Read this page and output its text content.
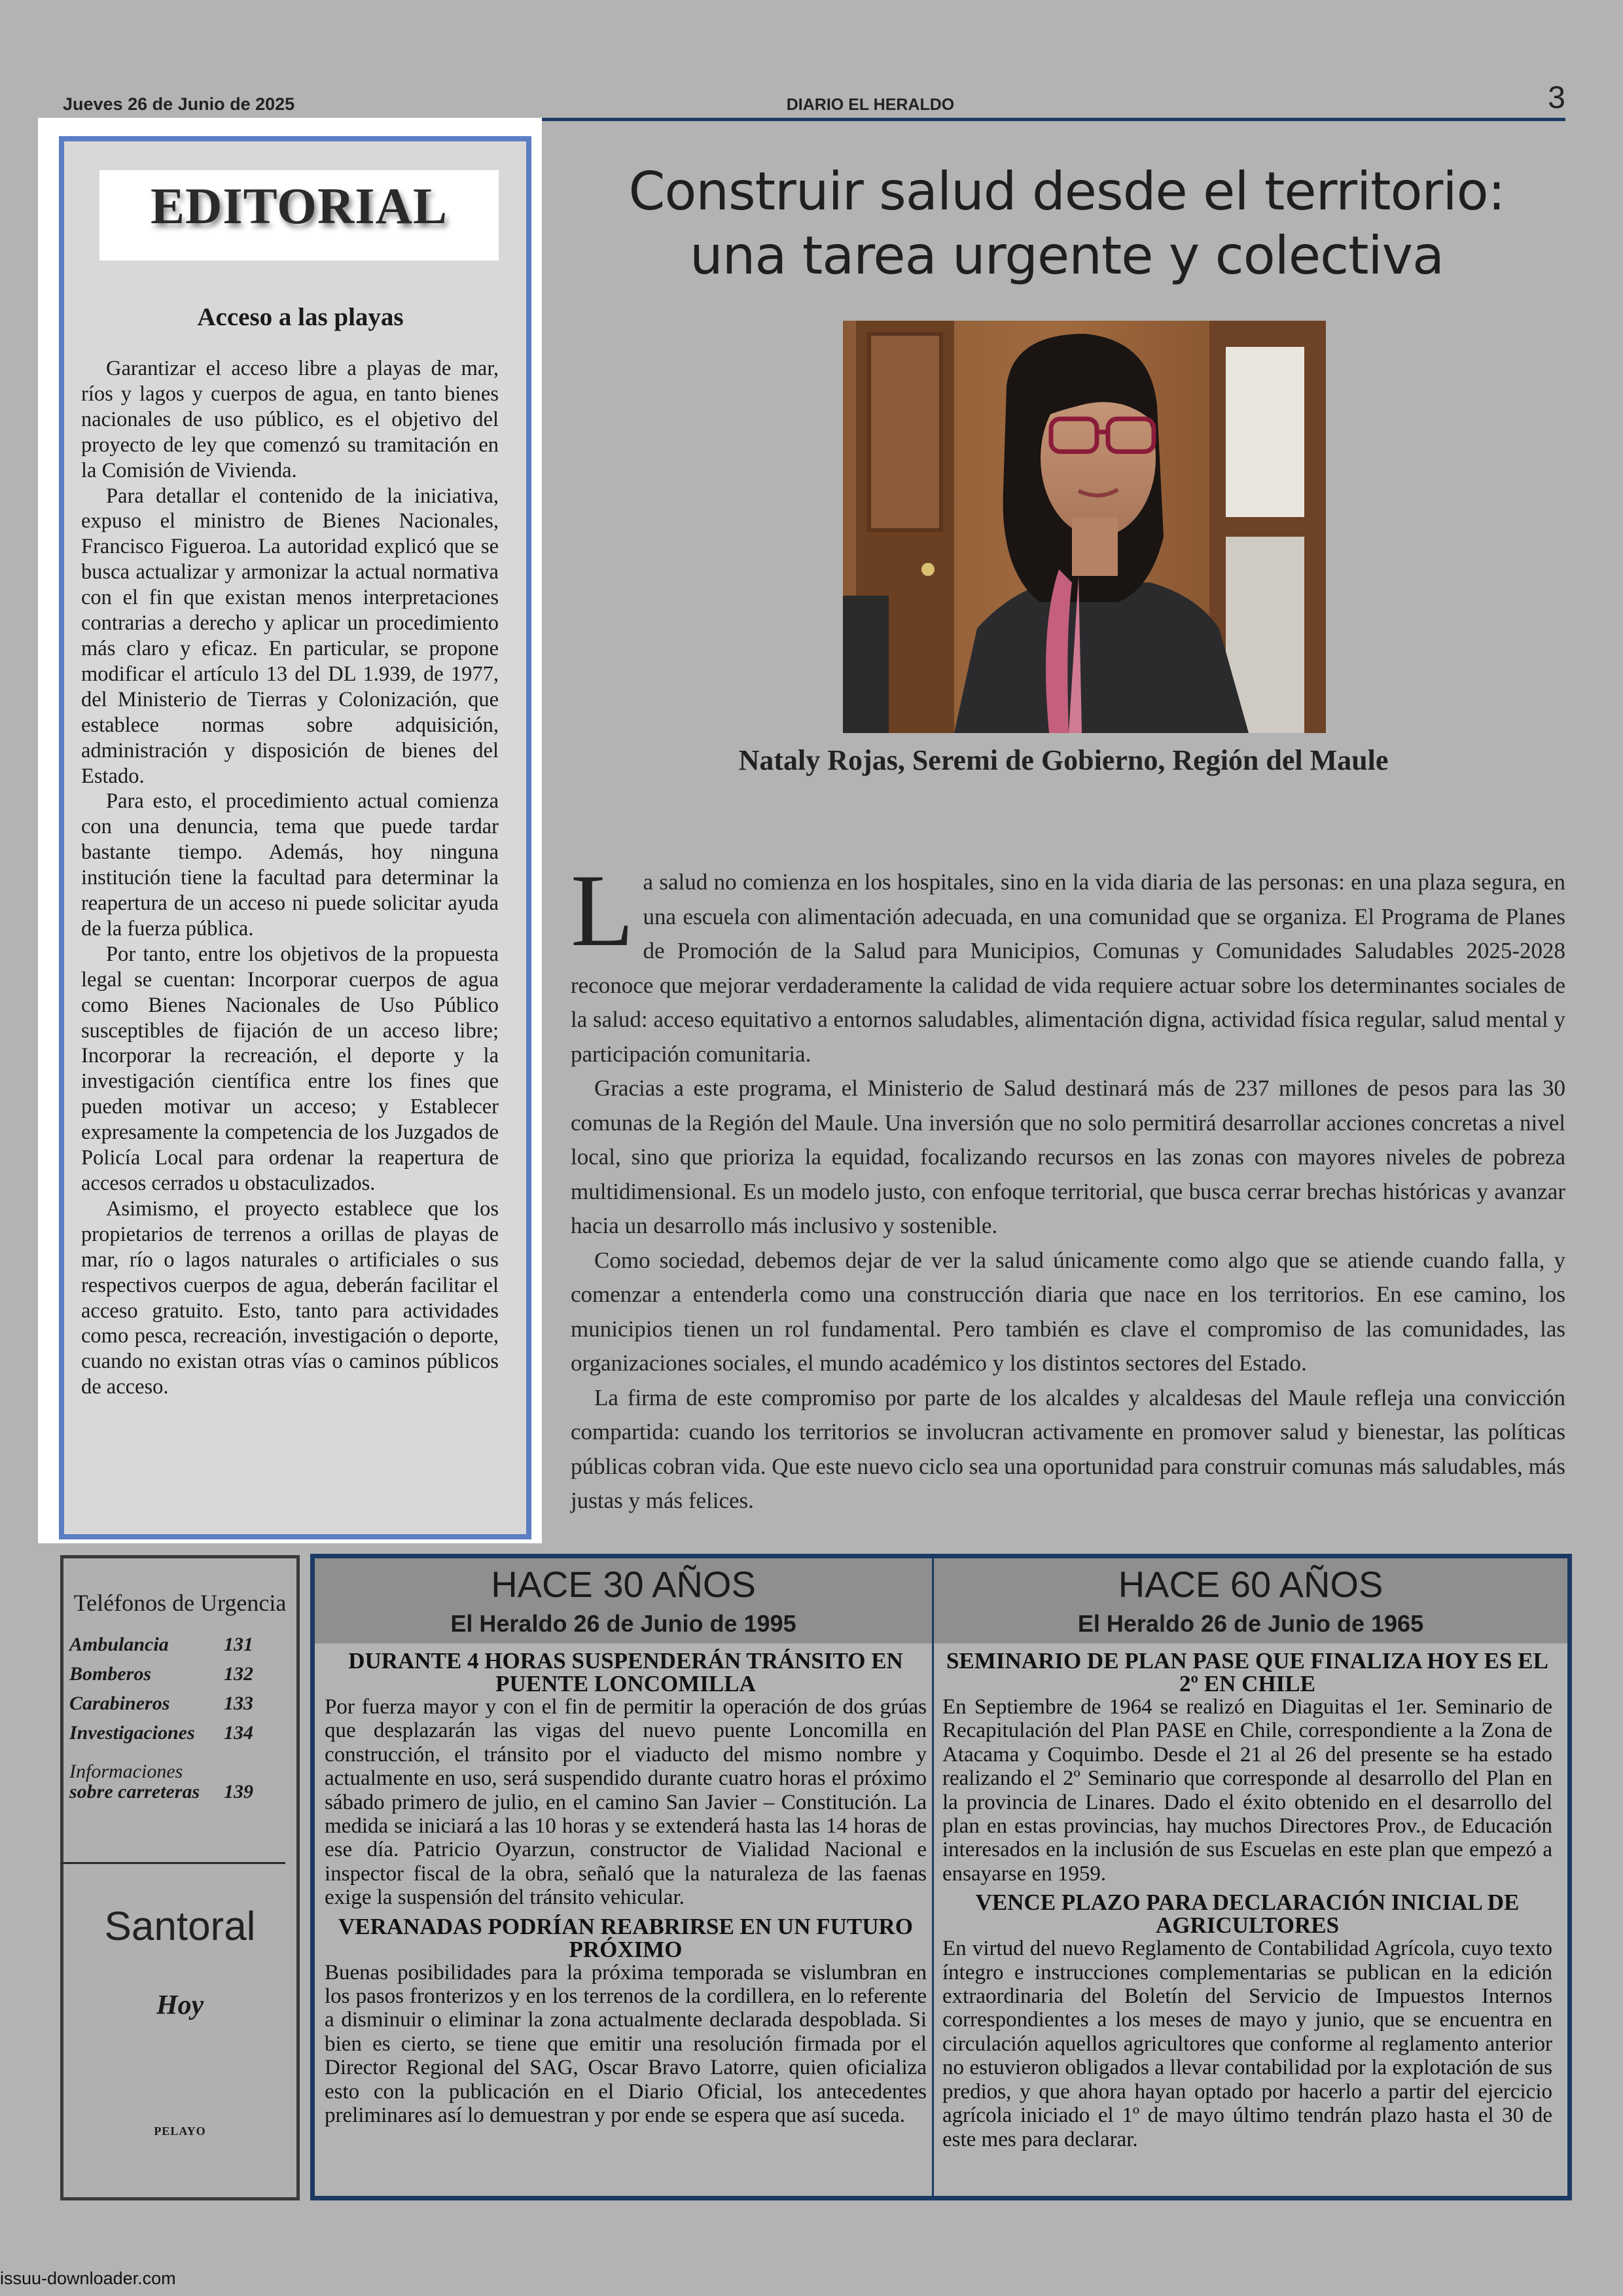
Jueves 26 de Junio de 2025	DIARIO EL HERALDO	3
EDITORIAL
Acceso a las playas

Garantizar el acceso libre a playas de mar, ríos y lagos y cuerpos de agua, en tanto bienes nacionales de uso público, es el objetivo del proyecto de ley que comenzó su tramitación en la Comisión de Vivienda.

Para detallar el contenido de la iniciativa, expuso el ministro de Bienes Nacionales, Francisco Figueroa. La autoridad explicó que se busca actualizar y armonizar la actual normativa con el fin que existan menos interpretaciones contrarias a derecho y aplicar un procedimiento más claro y eficaz. En particular, se propone modificar el artículo 13 del DL 1.939, de 1977, del Ministerio de Tierras y Colonización, que establece normas sobre adquisición, administración y disposición de bienes del Estado.

Para esto, el procedimiento actual comienza con una denuncia, tema que puede tardar bastante tiempo. Además, hoy ninguna institución tiene la facultad para determinar la reapertura de un acceso ni puede solicitar ayuda de la fuerza pública.

Por tanto, entre los objetivos de la propuesta legal se cuentan: Incorporar cuerpos de agua como Bienes Nacionales de Uso Público susceptibles de fijación de un acceso libre; Incorporar la recreación, el deporte y la investigación científica entre los fines que pueden motivar un acceso; y Establecer expresamente la competencia de los Juzgados de Policía Local para ordenar la reapertura de accesos cerrados u obstaculizados.

Asimismo, el proyecto establece que los propietarios de terrenos a orillas de playas de mar, río o lagos naturales o artificiales o sus respectivos cuerpos de agua, deberán facilitar el acceso gratuito. Esto, tanto para actividades como pesca, recreación, investigación o deporte, cuando no existan otras vías o caminos públicos de acceso.

Construir salud desde el territorio:
una tarea urgente y colectiva
Nataly Rojas, Seremi de Gobierno, Región del Maule

La salud no comienza en los hospitales, sino en la vida diaria de las personas: en una plaza segura, en una escuela con alimentación adecuada, en una comunidad que se organiza. El Programa de Planes de Promoción de la Salud para Municipios, Comunas y Comunidades Saludables 2025-2028 reconoce que mejorar verdaderamente la calidad de vida requiere actuar sobre los determinantes sociales de la salud: acceso equitativo a entornos saludables, alimentación digna, actividad física regular, salud mental y participación comunitaria.

Gracias a este programa, el Ministerio de Salud destinará más de 237 millones de pesos para las 30 comunas de la Región del Maule. Una inversión que no solo permitirá desarrollar acciones concretas a nivel local, sino que prioriza la equidad, focalizando recursos en las zonas con mayores niveles de pobreza multidimensional. Es un modelo justo, con enfoque territorial, que busca cerrar brechas históricas y avanzar hacia un desarrollo más inclusivo y sostenible.

Como sociedad, debemos dejar de ver la salud únicamente como algo que se atiende cuando falla, y comenzar a entenderla como una construcción diaria que nace en los territorios. En ese camino, los municipios tienen un rol fundamental. Pero también es clave el compromiso de las comunidades, las organizaciones sociales, el mundo académico y los distintos sectores del Estado.

La firma de este compromiso por parte de los alcaldes y alcaldesas del Maule refleja una convicción compartida: cuando los territorios se involucran activamente en promover salud y bienestar, las políticas públicas cobran vida. Que este nuevo ciclo sea una oportunidad para construir comunas más saludables, más justas y más felices.

Teléfonos de Urgencia
Ambulancia	131
Bomberos	132
Carabineros	133
Investigaciones 134
Informaciones
sobre carreteras 139
Santoral
Hoy
PELAYO
HACE 30 AÑOS
El Heraldo 26 de Junio de 1995
HACE 60 AÑOS
El Heraldo 26 de Junio de 1965
DURANTE 4 HORAS SUSPENDERÁN TRÁNSITO EN PUENTE LONCOMILLA

Por fuerza mayor y con el fin de permitir la operación de dos grúas que desplazarán las vigas del nuevo puente Loncomilla en construcción, el tránsito por el viaducto del mismo nombre y actualmente en uso, será suspendido durante cuatro horas el próximo sábado primero de julio, en el camino San Javier – Constitución. La medida se iniciará a las 10 horas y se extenderá hasta las 14 horas de ese día. Patricio Oyarzun, constructor de Vialidad Nacional e inspector fiscal de la obra, señaló que la naturaleza de las faenas exige la suspensión del tránsito vehicular.

VERANADAS PODRÍAN REABRIRSE EN UN FUTURO PRÓXIMO

Buenas posibilidades para la próxima temporada se vislumbran en los pasos fronterizos y en los terrenos de la cordillera, en lo referente a disminuir o eliminar la zona actualmente declarada despoblada. Si bien es cierto, se tiene que emitir una resolución firmada por el Director Regional del SAG, Oscar Bravo Latorre, quien oficializa esto con la publicación en el Diario Oficial, los antecedentes preliminares así lo demuestran y por ende se espera que así suceda.

SEMINARIO DE PLAN PASE QUE FINALIZA HOY ES EL 2º EN CHILE

En Septiembre de 1964 se realizó en Diaguitas el 1er. Seminario de Recapitulación del Plan PASE en Chile, correspondiente a la Zona de Atacama y Coquimbo. Desde el 21 al 26 del presente se ha estado realizando el 2º Seminario que corresponde al desarrollo del Plan en la provincia de Linares. Dado el éxito obtenido en el desarrollo del plan en estas provincias, hay muchos Directores Prov., de Educación interesados en la inclusión de sus Escuelas en este plan que empezó a ensayarse en 1959.

VENCE PLAZO PARA DECLARACIÓN INICIAL DE AGRICULTORES

En virtud del nuevo Reglamento de Contabilidad Agrícola, cuyo texto íntegro e instrucciones complementarias se publican en la edición extraordinaria del Boletín del Servicio de Impuestos Internos correspondientes a los meses de mayo y junio, que se encuentra en circulación aquellos agricultores que conforme al reglamento anterior no estuvieron obligados a llevar contabilidad por la explotación de sus predios, y que ahora hayan optado por hacerlo a partir del ejercicio agrícola iniciado el 1º de mayo último tendrán plazo hasta el 30 de este mes para declarar.

issuu-downloader.com
